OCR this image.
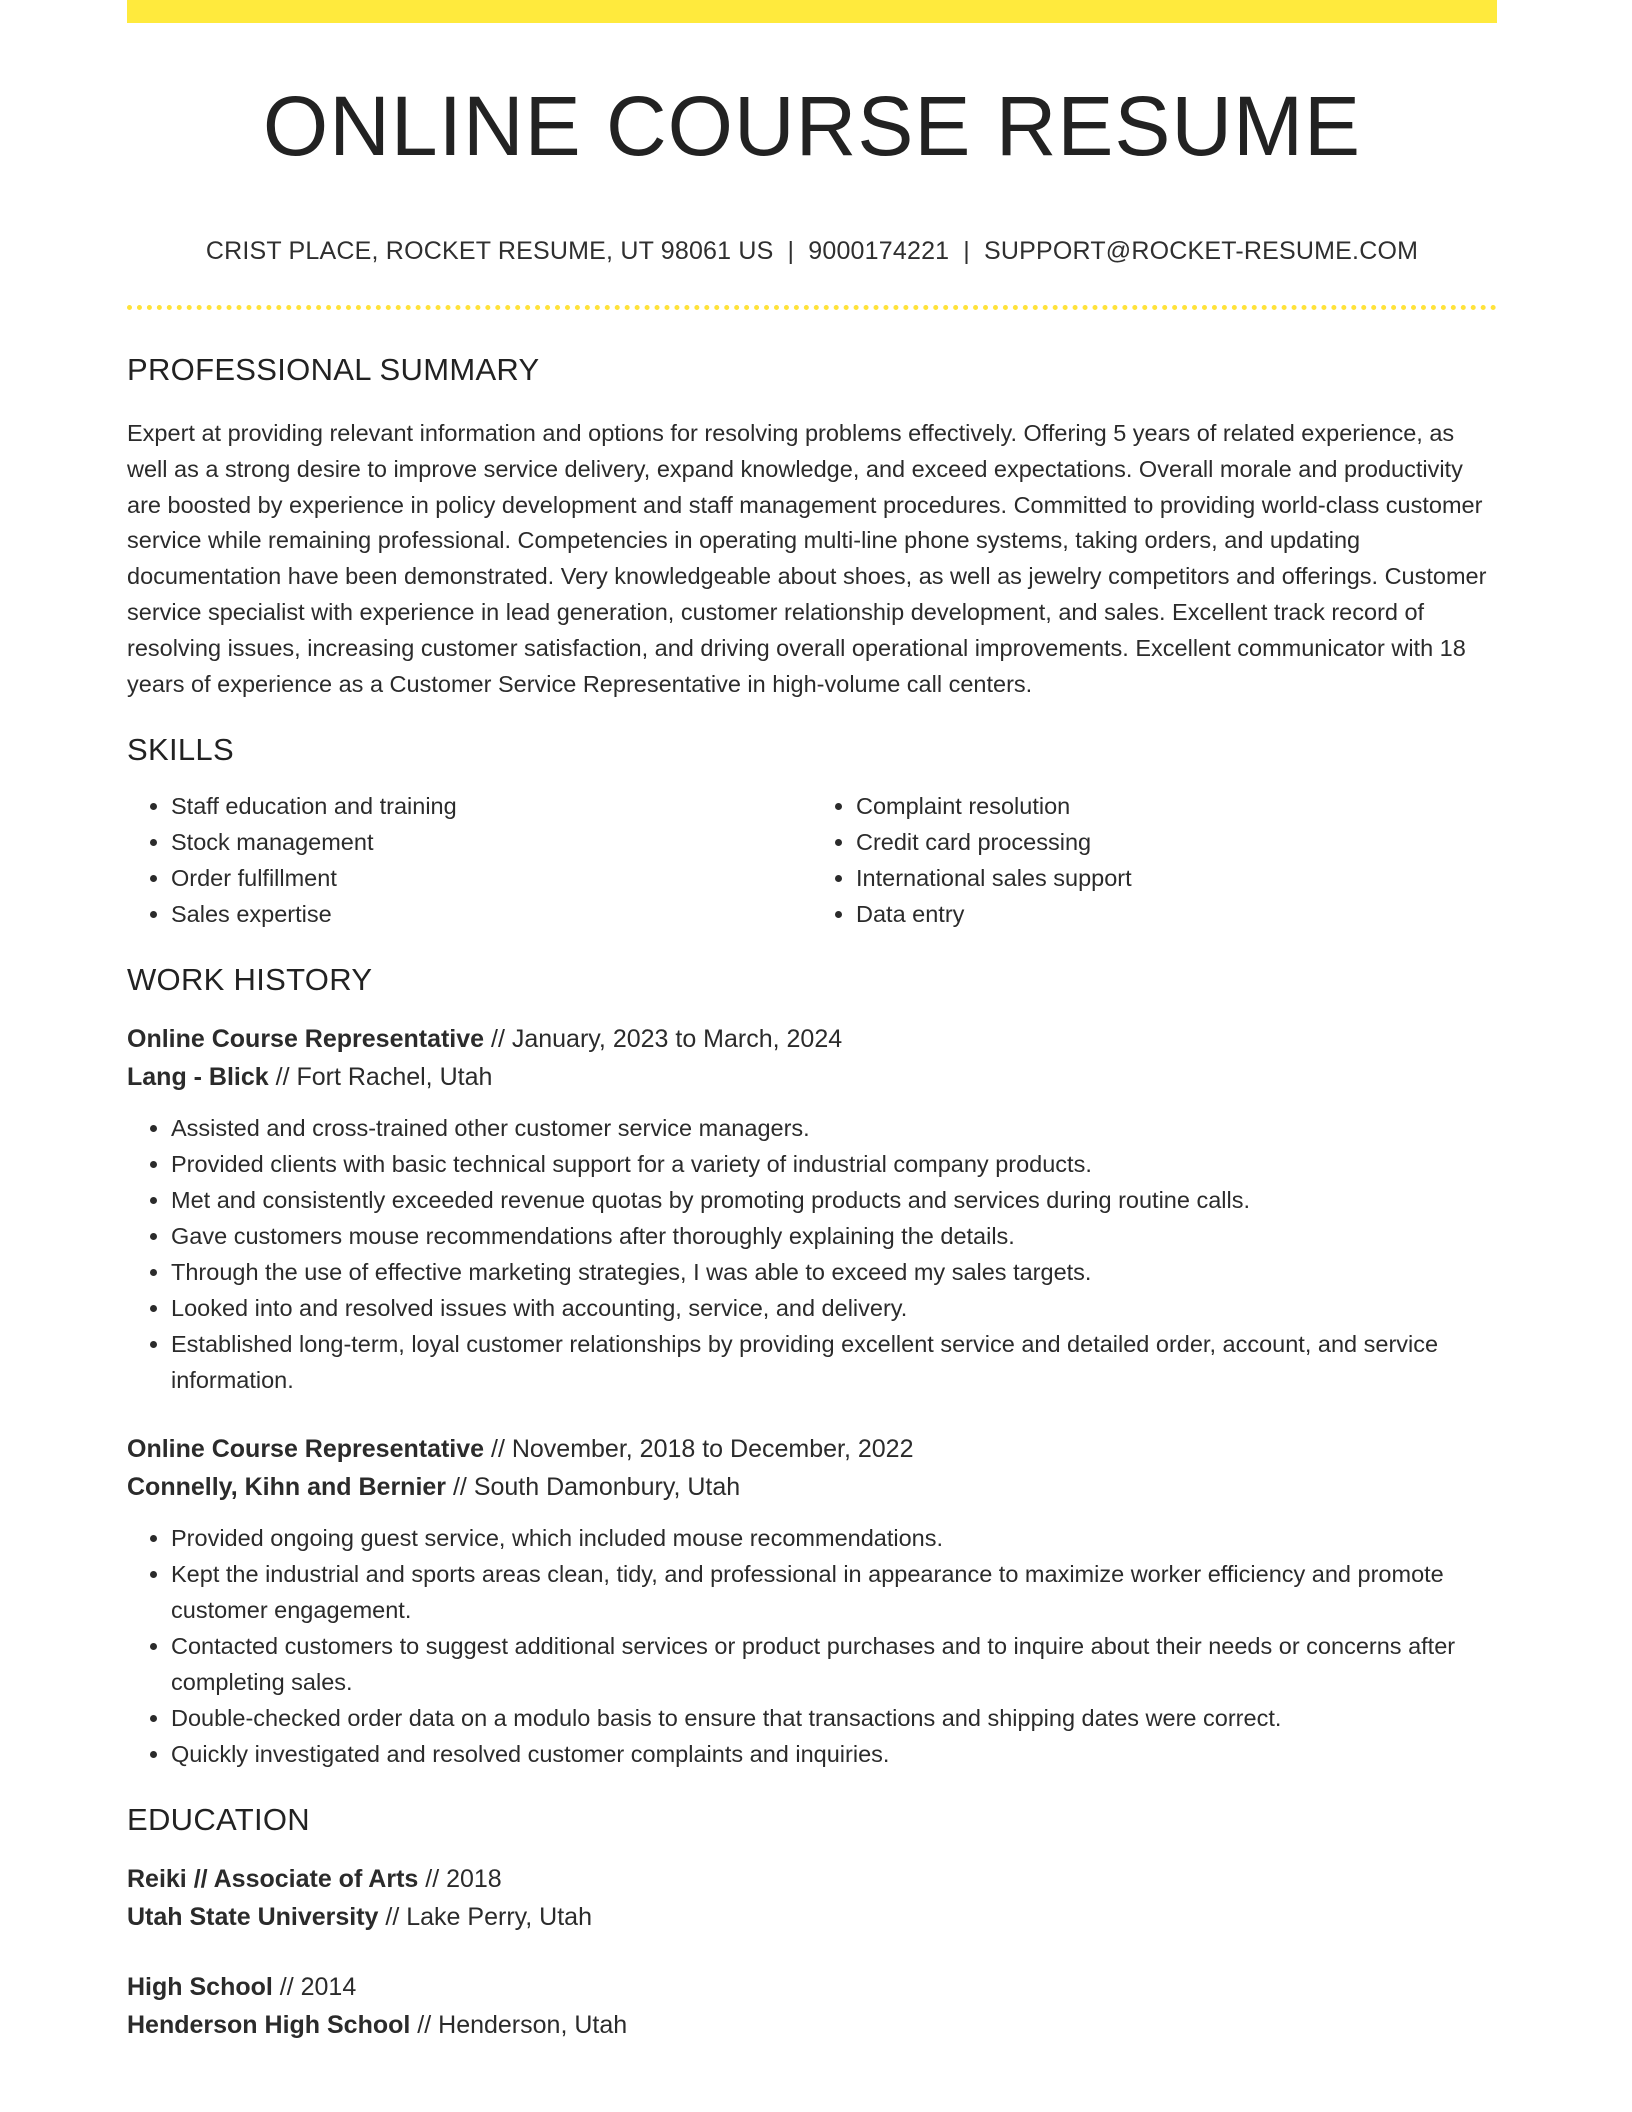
ONLINE COURSE RESUME
CRIST PLACE, ROCKET RESUME, UT 98061 US | 9000174221 | SUPPORT@ROCKET-RESUME.COM
PROFESSIONAL SUMMARY

Expert at providing relevant information and options for resolving problems effectively. Offering 5 years of related experience, as well as a strong desire to improve service delivery, expand knowledge, and exceed expectations. Overall morale and productivity are boosted by experience in policy development and staff management procedures. Committed to providing world-class customer service while remaining professional. Competencies in operating multi-line phone systems, taking orders, and updating documentation have been demonstrated. Very knowledgeable about shoes, as well as jewelry competitors and offerings. Customer service specialist with experience in lead generation, customer relationship development, and sales. Excellent track record of resolving issues, increasing customer satisfaction, and driving overall operational improvements. Excellent communicator with 18 years of experience as a Customer Service Representative in high-volume call centers.

SKILLS
• Staff education and training
• Stock management
• Order fulfillment
• Sales expertise
• Complaint resolution
• Credit card processing
• International sales support
• Data entry
WORK HISTORY
Online Course Representative // January, 2023 to March, 2024
Lang - Blick // Fort Rachel, Utah
• Assisted and cross-trained other customer service managers.
• Provided clients with basic technical support for a variety of industrial company products.
• Met and consistently exceeded revenue quotas by promoting products and services during routine calls.
• Gave customers mouse recommendations after thoroughly explaining the details.
• Through the use of effective marketing strategies, I was able to exceed my sales targets.
• Looked into and resolved issues with accounting, service, and delivery.
• Established long-term, loyal customer relationships by providing excellent service and detailed order, account, and service information.
Online Course Representative // November, 2018 to December, 2022
Connelly, Kihn and Bernier // South Damonbury, Utah
• Provided ongoing guest service, which included mouse recommendations.
• Kept the industrial and sports areas clean, tidy, and professional in appearance to maximize worker efficiency and promote customer engagement.
• Contacted customers to suggest additional services or product purchases and to inquire about their needs or concerns after completing sales.
• Double-checked order data on a modulo basis to ensure that transactions and shipping dates were correct.
• Quickly investigated and resolved customer complaints and inquiries.
EDUCATION
Reiki // Associate of Arts // 2018
Utah State University // Lake Perry, Utah
High School // 2014
Henderson High School // Henderson, Utah
